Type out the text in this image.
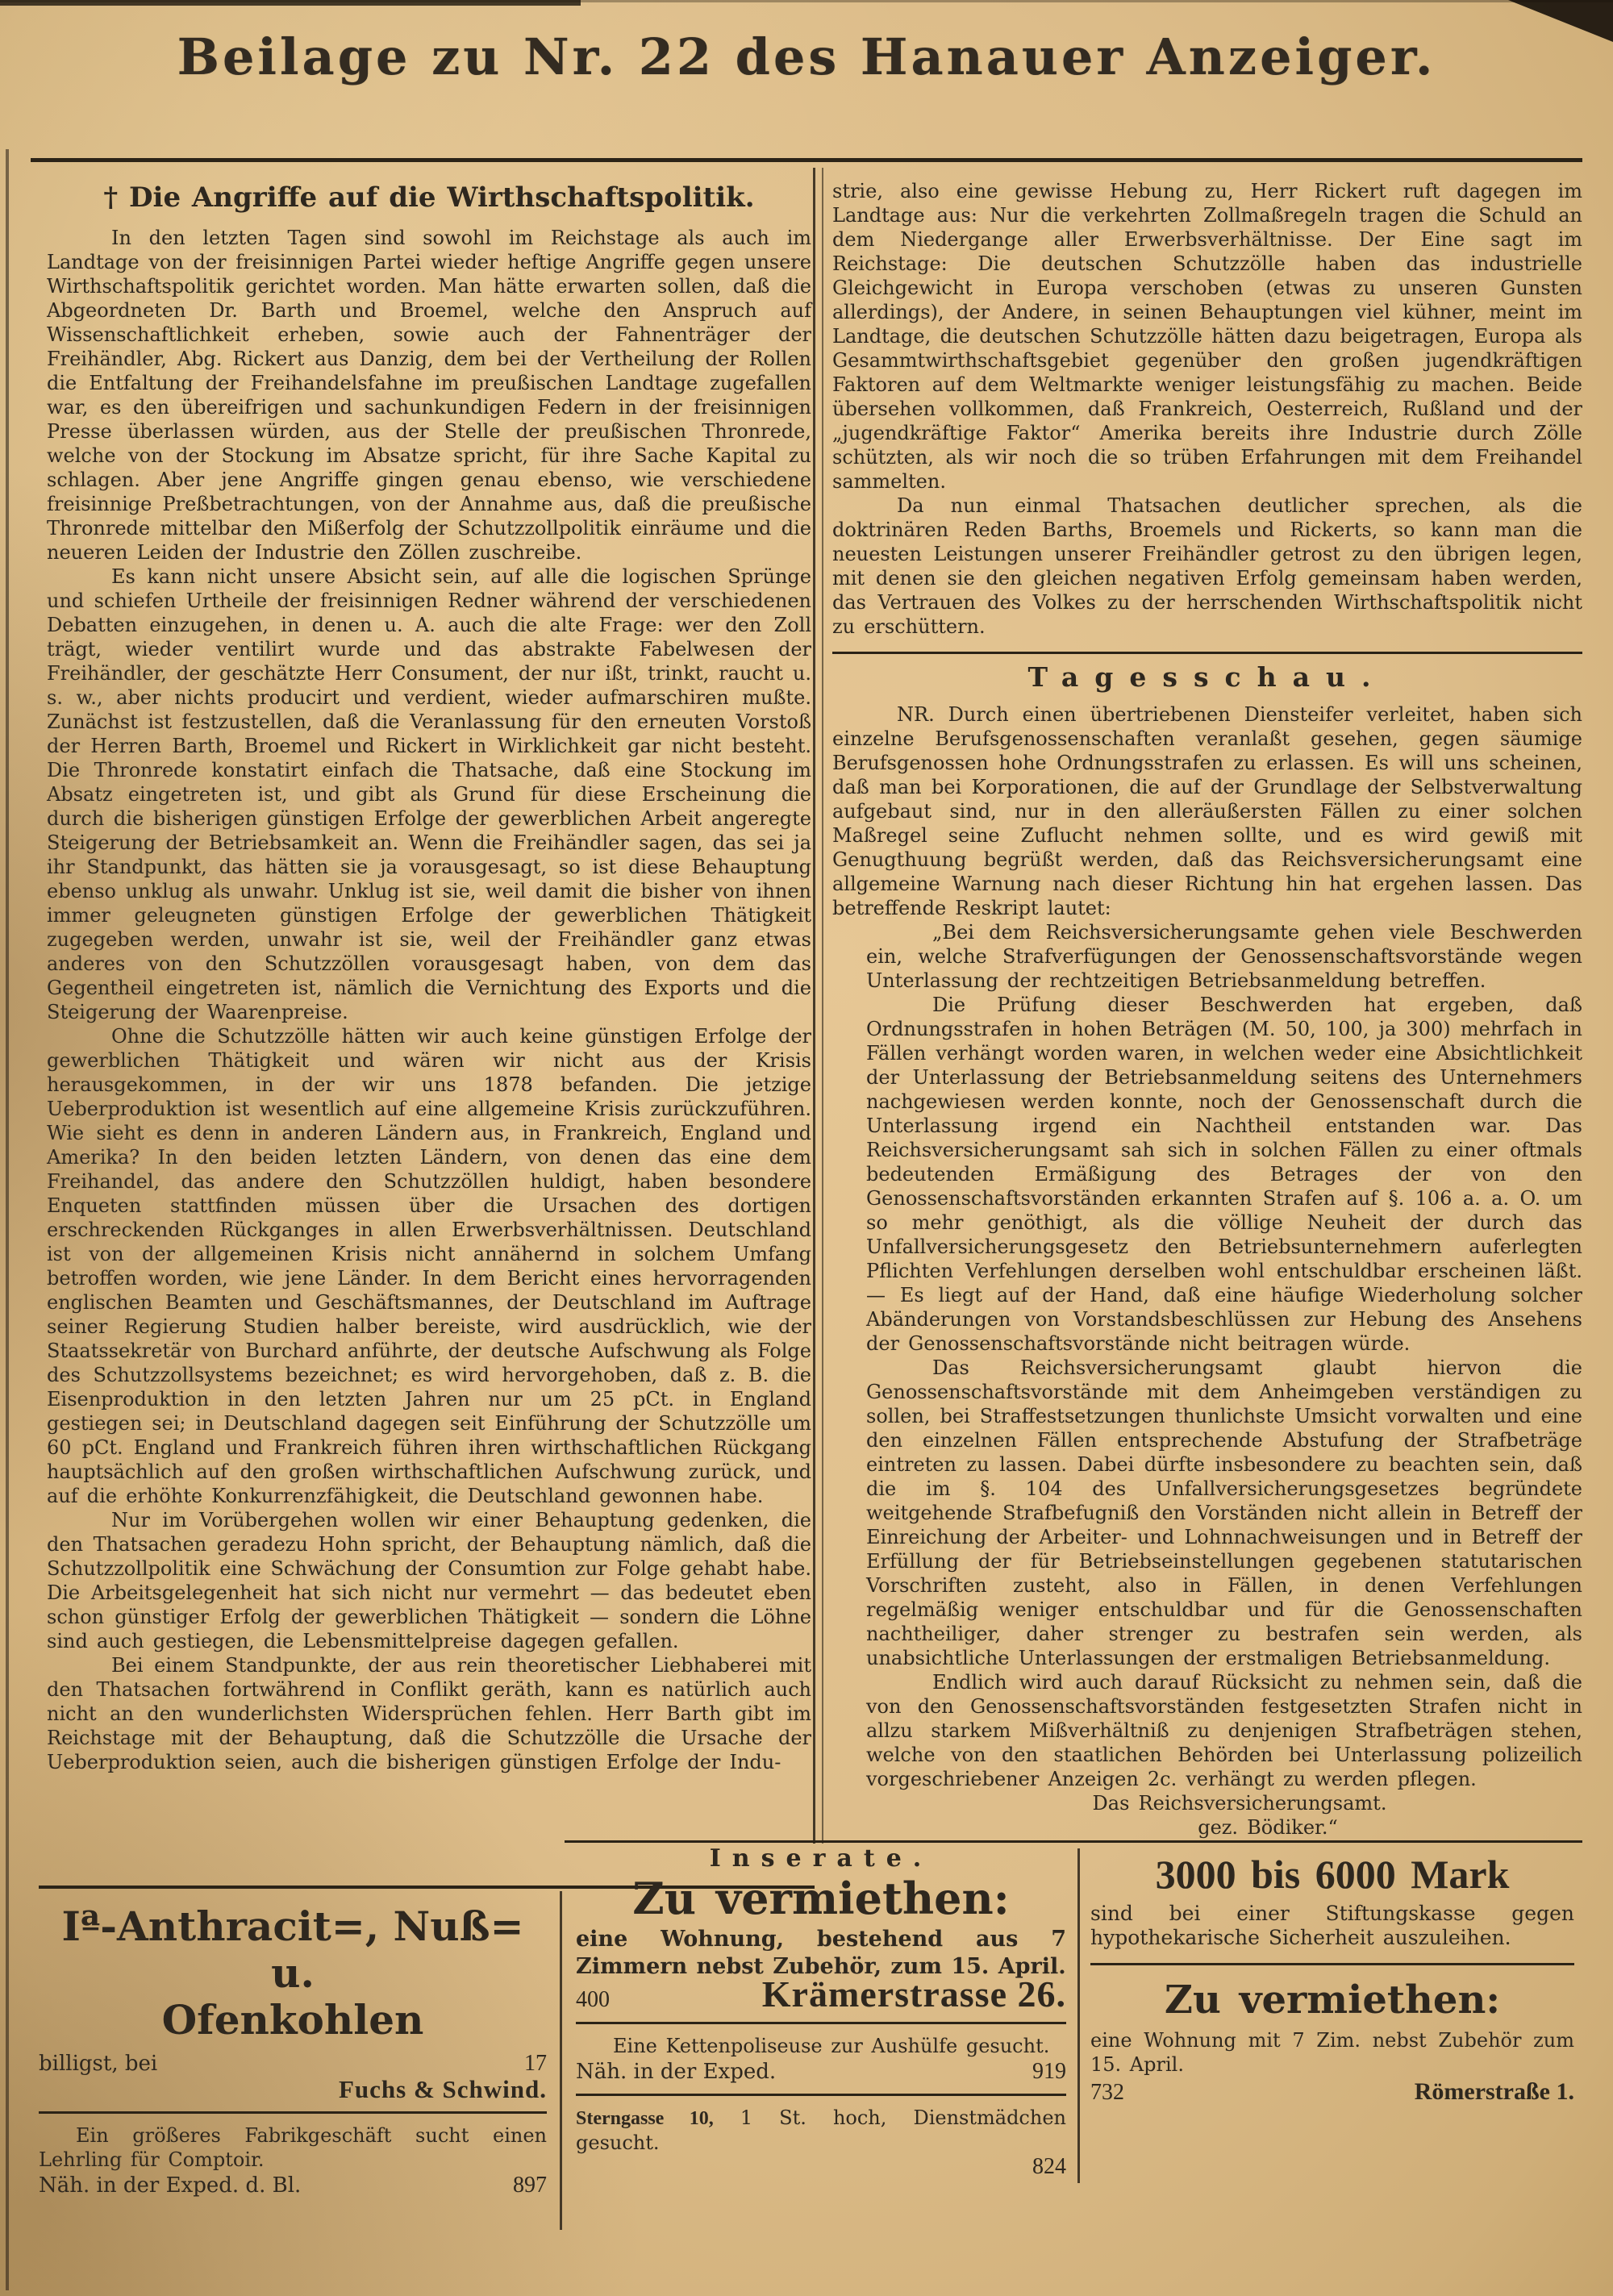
Beilage zu Nr. 22 des Hanauer Anzeiger.
† Die Angriffe auf die Wirthschaftspolitik.

In den letzten Tagen sind sowohl im Reichstage als auch im Landtage von der freisinnigen Partei wieder heftige Angriffe gegen unsere Wirthschaftspolitik gerichtet worden. Man hätte erwarten sollen, daß die Abgeordneten Dr. Barth und Broemel, welche den Anspruch auf Wissenschaftlichkeit erheben, sowie auch der Fahnenträger der Freihändler, Abg. Rickert aus Danzig, dem bei der Vertheilung der Rollen die Entfaltung der Freihandelsfahne im preußischen Landtage zugefallen war, es den übereifrigen und sachunkundigen Federn in der freisinnigen Presse überlassen würden, aus der Stelle der preußischen Thronrede, welche von der Stockung im Absatze spricht, für ihre Sache Kapital zu schlagen. Aber jene Angriffe gingen genau ebenso, wie verschiedene freisinnige Preßbetrachtungen, von der Annahme aus, daß die preußische Thronrede mittelbar den Mißerfolg der Schutzzollpolitik einräume und die neueren Leiden der Industrie den Zöllen zuschreibe.

Es kann nicht unsere Absicht sein, auf alle die logischen Sprünge und schiefen Urtheile der freisinnigen Redner während der verschiedenen Debatten einzugehen, in denen u. A. auch die alte Frage: wer den Zoll trägt, wieder ventilirt wurde und das abstrakte Fabelwesen der Freihändler, der geschätzte Herr Consument, der nur ißt, trinkt, raucht u. s. w., aber nichts producirt und verdient, wieder aufmarschiren mußte. Zunächst ist festzustellen, daß die Veranlassung für den erneuten Vorstoß der Herren Barth, Broemel und Rickert in Wirklichkeit gar nicht besteht. Die Thronrede konstatirt einfach die Thatsache, daß eine Stockung im Absatz eingetreten ist, und gibt als Grund für diese Erscheinung die durch die bisherigen günstigen Erfolge der gewerblichen Arbeit angeregte Steigerung der Betriebsamkeit an. Wenn die Freihändler sagen, das sei ja ihr Standpunkt, das hätten sie ja vorausgesagt, so ist diese Behauptung ebenso unklug als unwahr. Unklug ist sie, weil damit die bisher von ihnen immer geleugneten günstigen Erfolge der gewerblichen Thätigkeit zugegeben werden, unwahr ist sie, weil der Freihändler ganz etwas anderes von den Schutzzöllen vorausgesagt haben, von dem das Gegentheil eingetreten ist, nämlich die Vernichtung des Exports und die Steigerung der Waarenpreise.

Ohne die Schutzzölle hätten wir auch keine günstigen Erfolge der gewerblichen Thätigkeit und wären wir nicht aus der Krisis herausgekommen, in der wir uns 1878 befanden. Die jetzige Ueberproduktion ist wesentlich auf eine allgemeine Krisis zurückzuführen. Wie sieht es denn in anderen Ländern aus, in Frankreich, England und Amerika? In den beiden letzten Ländern, von denen das eine dem Freihandel, das andere den Schutzzöllen huldigt, haben besondere Enqueten stattfinden müssen über die Ursachen des dortigen erschreckenden Rückganges in allen Erwerbsverhältnissen. Deutschland ist von der allgemeinen Krisis nicht annähernd in solchem Umfang betroffen worden, wie jene Länder. In dem Bericht eines hervorragenden englischen Beamten und Geschäftsmannes, der Deutschland im Auftrage seiner Regierung Studien halber bereiste, wird ausdrücklich, wie der Staatssekretär von Burchard anführte, der deutsche Aufschwung als Folge des Schutzzollsystems bezeichnet; es wird hervorgehoben, daß z. B. die Eisenproduktion in den letzten Jahren nur um 25 pCt. in England gestiegen sei; in Deutschland dagegen seit Einführung der Schutzzölle um 60 pCt. England und Frankreich führen ihren wirthschaftlichen Rückgang hauptsächlich auf den großen wirthschaftlichen Aufschwung zurück, und auf die erhöhte Konkurrenzfähigkeit, die Deutschland gewonnen habe.

Nur im Vorübergehen wollen wir einer Behauptung gedenken, die den Thatsachen geradezu Hohn spricht, der Behauptung nämlich, daß die Schutzzollpolitik eine Schwächung der Consumtion zur Folge gehabt habe. Die Arbeitsgelegenheit hat sich nicht nur vermehrt — das bedeutet eben schon günstiger Erfolg der gewerblichen Thätigkeit — sondern die Löhne sind auch gestiegen, die Lebensmittelpreise dagegen gefallen.

Bei einem Standpunkte, der aus rein theoretischer Liebhaberei mit den Thatsachen fortwährend in Conflikt geräth, kann es natürlich auch nicht an den wunderlichsten Widersprüchen fehlen. Herr Barth gibt im Reichstage mit der Behauptung, daß die Schutzzölle die Ursache der Ueberproduktion seien, auch die bisherigen günstigen Erfolge der Indu-

strie, also eine gewisse Hebung zu, Herr Rickert ruft dagegen im Landtage aus: Nur die verkehrten Zollmaßregeln tragen die Schuld an dem Niedergange aller Erwerbsverhältnisse. Der Eine sagt im Reichstage: Die deutschen Schutzzölle haben das industrielle Gleichgewicht in Europa verschoben (etwas zu unseren Gunsten allerdings), der Andere, in seinen Behauptungen viel kühner, meint im Landtage, die deutschen Schutzzölle hätten dazu beigetragen, Europa als Gesammtwirthschaftsgebiet gegenüber den großen jugendkräftigen Faktoren auf dem Weltmarkte weniger leistungsfähig zu machen. Beide übersehen vollkommen, daß Frankreich, Oesterreich, Rußland und der „jugendkräftige Faktor“ Amerika bereits ihre Industrie durch Zölle schützten, als wir noch die so trüben Erfahrungen mit dem Freihandel sammelten.

Da nun einmal Thatsachen deutlicher sprechen, als die doktrinären Reden Barths, Broemels und Rickerts, so kann man die neuesten Leistungen unserer Freihändler getrost zu den übrigen legen, mit denen sie den gleichen negativen Erfolg gemeinsam haben werden, das Vertrauen des Volkes zu der herrschenden Wirthschaftspolitik nicht zu erschüttern.

Tagesschau.

NR. Durch einen übertriebenen Diensteifer verleitet, haben sich einzelne Berufsgenossenschaften veranlaßt gesehen, gegen säumige Berufsgenossen hohe Ordnungsstrafen zu erlassen. Es will uns scheinen, daß man bei Korporationen, die auf der Grundlage der Selbstverwaltung aufgebaut sind, nur in den alleräußersten Fällen zu einer solchen Maßregel seine Zuflucht nehmen sollte, und es wird gewiß mit Genugthuung begrüßt werden, daß das Reichsversicherungsamt eine allgemeine Warnung nach dieser Richtung hin hat ergehen lassen. Das betreffende Reskript lautet:

„Bei dem Reichsversicherungsamte gehen viele Beschwerden ein, welche Strafverfügungen der Genossenschaftsvorstände wegen Unterlassung der rechtzeitigen Betriebsanmeldung betreffen.

Die Prüfung dieser Beschwerden hat ergeben, daß Ordnungsstrafen in hohen Beträgen (M. 50, 100, ja 300) mehrfach in Fällen verhängt worden waren, in welchen weder eine Absichtlichkeit der Unterlassung der Betriebsanmeldung seitens des Unternehmers nachgewiesen werden konnte, noch der Genossenschaft durch die Unterlassung irgend ein Nachtheil entstanden war. Das Reichsversicherungsamt sah sich in solchen Fällen zu einer oftmals bedeutenden Ermäßigung des Betrages der von den Genossenschaftsvorständen erkannten Strafen auf §. 106 a. a. O. um so mehr genöthigt, als die völlige Neuheit der durch das Unfallversicherungsgesetz den Betriebsunternehmern auferlegten Pflichten Verfehlungen derselben wohl entschuldbar erscheinen läßt. — Es liegt auf der Hand, daß eine häufige Wiederholung solcher Abänderungen von Vorstandsbeschlüssen zur Hebung des Ansehens der Genossenschaftsvorstände nicht beitragen würde.

Das Reichsversicherungsamt glaubt hiervon die Genossenschaftsvorstände mit dem Anheimgeben verständigen zu sollen, bei Straffestsetzungen thunlichste Umsicht vorwalten und eine den einzelnen Fällen entsprechende Abstufung der Strafbeträge eintreten zu lassen. Dabei dürfte insbesondere zu beachten sein, daß die im §. 104 des Unfallversicherungsgesetzes begründete weitgehende Strafbefugniß den Vorständen nicht allein in Betreff der Einreichung der Arbeiter- und Lohnnachweisungen und in Betreff der Erfüllung der für Betriebseinstellungen gegebenen statutarischen Vorschriften zusteht, also in Fällen, in denen Verfehlungen regelmäßig weniger entschuldbar und für die Genossenschaften nachtheiliger, daher strenger zu bestrafen sein werden, als unabsichtliche Unterlassungen der erstmaligen Betriebsanmeldung.

Endlich wird auch darauf Rücksicht zu nehmen sein, daß die von den Genossenschaftsvorständen festgesetzten Strafen nicht in allzu starkem Mißverhältniß zu denjenigen Strafbeträgen stehen, welche von den staatlichen Behörden bei Unterlassung polizeilich vorgeschriebener Anzeigen 2c. verhängt zu werden pflegen.

Das Reichsversicherungsamt.

gez. Bödiker.“

Iª-Anthracit=, Nuß= u.
Ofenkohlen
billigst, bei	17
Fuchs & Schwind.

Ein größeres Fabrikgeschäft sucht einen Lehrling für Comptoir.

Näh. in der Exped. d. Bl.	897
Inserate.
Zu vermiethen:

eine Wohnung, bestehend aus 7 Zimmern nebst Zubehör, zum 15. April.

400	Krämerstrasse 26.

Eine Kettenpoliseuse zur Aushülfe gesucht.

Näh. in der Exped.	919

Sterngasse 10, 1 St. hoch, Dienstmädchen gesucht.

824
3000 bis 6000 Mark

sind bei einer Stiftungskasse gegen hypothekarische Sicherheit auszuleihen.

Zu vermiethen:

eine Wohnung mit 7 Zim. nebst Zubehör zum 15. April.

732	Römerstraße 1.
